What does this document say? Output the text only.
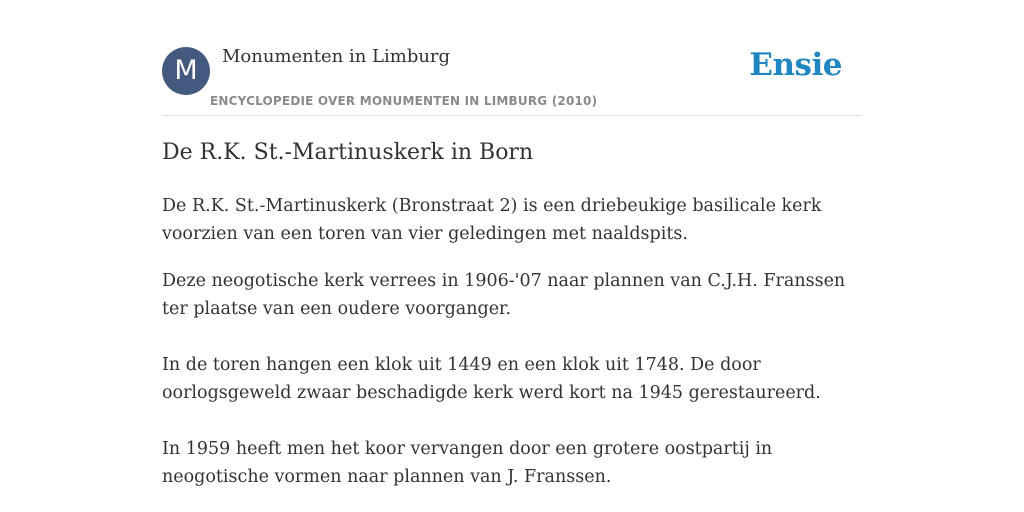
M	Monumenten in Limburg
ENCYCLOPEDIE OVER MONUMENTEN IN LIMBURG (2010)
Ensie
De R.K. St.-Martinuskerk in Born

De R.K. St.-Martinuskerk (Bronstraat 2) is een driebeukige basilicale kerk voorzien van een toren van vier geledingen met naaldspits.

Deze neogotische kerk verrees in 1906-'07 naar plannen van C.J.H. Franssen ter plaatse van een oudere voorganger.

In de toren hangen een klok uit 1449 en een klok uit 1748. De door oorlogsgeweld zwaar beschadigde kerk werd kort na 1945 gerestaureerd.

In 1959 heeft men het koor vervangen door een grotere oostpartij in neogotische vormen naar plannen van J. Franssen.
